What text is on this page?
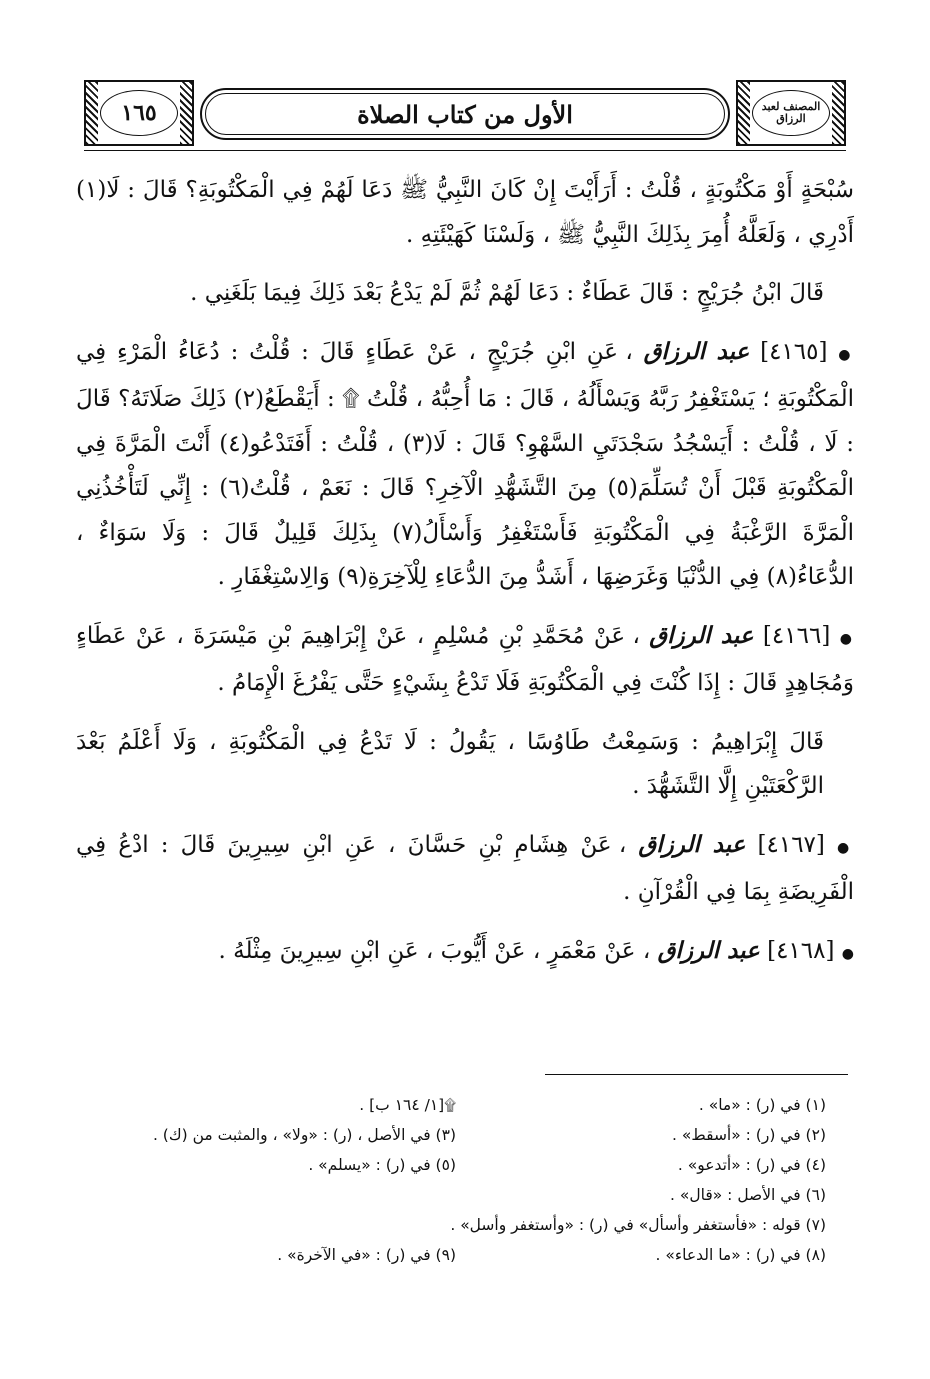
١٦٥	الأول من كتاب الصلاة	المصنف لعبد الرزاق

سُبْحَةٍ أَوْ مَكْتُوبَةٍ ، قُلْتُ : أَرَأَيْتَ إِنْ كَانَ النَّبِيُّ ﷺ دَعَا لَهُمْ فِي الْمَكْتُوبَةِ؟ قَالَ : لَا(١) أَدْرِي ، وَلَعَلَّهُ أُمِرَ بِذَلِكَ النَّبِيُّ ﷺ ، وَلَسْنَا كَهَيْئَتِهِ .

قَالَ ابْنُ جُرَيْجٍ : قَالَ عَطَاءٌ : دَعَا لَهُمْ ثُمَّ لَمْ يَدْعُ بَعْدَ ذَلِكَ فِيمَا بَلَغَنِي .

● [٤١٦٥] عبد الرزاق ، عَنِ ابْنِ جُرَيْجٍ ، عَنْ عَطَاءٍ قَالَ : قُلْتُ : دُعَاءُ الْمَرْءِ فِي الْمَكْتُوبَةِ ؛ يَسْتَغْفِرُ رَبَّهُ وَيَسْأَلُهُ ، قَالَ : مَا أُحِبُّهُ ، قُلْتُ ۩ : أَيَقْطَعُ(٢) ذَلِكَ صَلَاتَهُ؟ قَالَ : لَا ، قُلْتُ : أَيَسْجُدُ سَجْدَتَيِ السَّهْوِ؟ قَالَ : لَا(٣) ، قُلْتُ : أَفَتَدْعُو(٤) أَنْتَ الْمَرَّةَ فِي الْمَكْتُوبَةِ قَبْلَ أَنْ تُسَلِّمَ(٥) مِنَ التَّشَهُّدِ الْآخِرِ؟ قَالَ : نَعَمْ ، قُلْتُ(٦) : إِنِّي لَتَأْخُذُنِي الْمَرَّةَ الرَّغْبَةُ فِي الْمَكْتُوبَةِ فَأَسْتَغْفِرُ وَأَسْأَلُ(٧) بِذَلِكَ قَلِيلٌ قَالَ : وَلَا سَوَاءٌ ، الدُّعَاءُ(٨) فِي الدُّنْيَا وَغَرَضِهَا ، أَشَدُّ مِنَ الدُّعَاءِ لِلْآخِرَةِ(٩) وَالِاسْتِغْفَارِ .

● [٤١٦٦] عبد الرزاق ، عَنْ مُحَمَّدِ بْنِ مُسْلِمٍ ، عَنْ إِبْرَاهِيمَ بْنِ مَيْسَرَةَ ، عَنْ عَطَاءٍ وَمُجَاهِدٍ قَالَ : إِذَا كُنْتَ فِي الْمَكْتُوبَةِ فَلَا تَدْعُ بِشَيْءٍ حَتَّى يَفْرُغَ الْإِمَامُ .

قَالَ إِبْرَاهِيمُ : وَسَمِعْتُ طَاوُسًا ، يَقُولُ : لَا تَدْعُ فِي الْمَكْتُوبَةِ ، وَلَا أَعْلَمُ بَعْدَ الرَّكْعَتَيْنِ إِلَّا التَّشَهُّدَ .

● [٤١٦٧] عبد الرزاق ، عَنْ هِشَامِ بْنِ حَسَّانَ ، عَنِ ابْنِ سِيرِينَ قَالَ : ادْعُ فِي الْفَرِيضَةِ بِمَا فِي الْقُرْآنِ .

● [٤١٦٨] عبد الرزاق ، عَنْ مَعْمَرٍ ، عَنْ أَيُّوبَ ، عَنِ ابْنِ سِيرِينَ مِثْلَهُ .

(١) في (ر) : «ما» .
۩[١/ ١٦٤ ب] .
(٢) في (ر) : «أسقط» .
(٣) في الأصل ، (ر) : «ولا» ، والمثبت من (ك) .
(٤) في (ر) : «أتدعو» .
(٥) في (ر) : «يسلم» .
(٦) في الأصل : «قال» .
(٧) قوله : «فأستغفر وأسأل» في (ر) : «وأستغفر وأسل» .
(٨) في (ر) : «ما الدعاء» .
(٩) في (ر) : «في الآخرة» .
